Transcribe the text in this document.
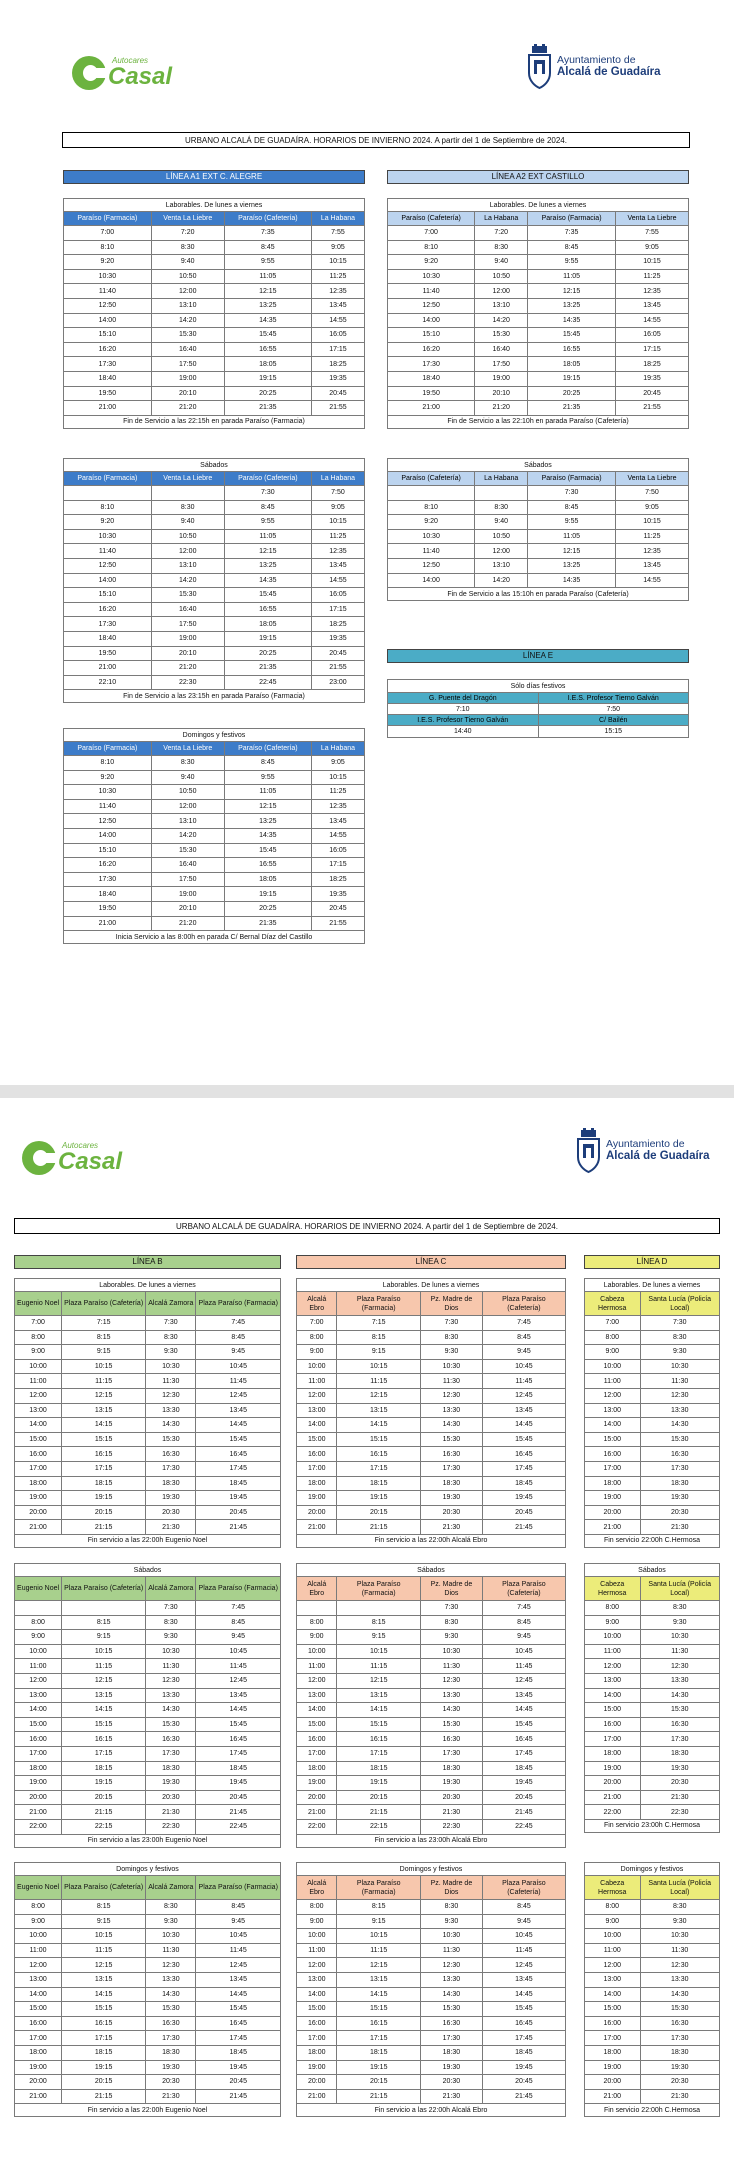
Autocares
Casal
Ayuntamiento de
Alcalá de Guadaíra
URBANO ALCALÁ DE GUADAÍRA. HORARIOS DE INVIERNO 2024. A partir del 1 de Septiembre de 2024.
LÍNEA A1 EXT C. ALEGRE	LÍNEA A2 EXT CASTILLO
Laborables. De lunes a viernes			
Paraíso (Farmacia)	Venta La Liebre	Paraíso (Cafetería)	La Habana
7:00	7:20	7:35	7:55
8:10	8:30	8:45	9:05
9:20	9:40	9:55	10:15
10:30	10:50	11:05	11:25
11:40	12:00	12:15	12:35
12:50	13:10	13:25	13:45
14:00	14:20	14:35	14:55
15:10	15:30	15:45	16:05
16:20	16:40	16:55	17:15
17:30	17:50	18:05	18:25
18:40	19:00	19:15	19:35
19:50	20:10	20:25	20:45
21:00	21:20	21:35	21:55
Fin de Servicio a las 22:15h en parada Paraíso (Farmacia)			
Laborables. De lunes a viernes			
Paraíso (Cafetería)	La Habana	Paraíso (Farmacia)	Venta La Liebre
7:00	7:20	7:35	7:55
8:10	8:30	8:45	9:05
9:20	9:40	9:55	10:15
10:30	10:50	11:05	11:25
11:40	12:00	12:15	12:35
12:50	13:10	13:25	13:45
14:00	14:20	14:35	14:55
15:10	15:30	15:45	16:05
16:20	16:40	16:55	17:15
17:30	17:50	18:05	18:25
18:40	19:00	19:15	19:35
19:50	20:10	20:25	20:45
21:00	21:20	21:35	21:55
Fin de Servicio a las 22:10h en parada Paraíso (Cafetería)			
Sábados			
Paraíso (Farmacia)	Venta La Liebre	Paraíso (Cafetería)	La Habana
		7:30	7:50
8:10	8:30	8:45	9:05
9:20	9:40	9:55	10:15
10:30	10:50	11:05	11:25
11:40	12:00	12:15	12:35
12:50	13:10	13:25	13:45
14:00	14:20	14:35	14:55
15:10	15:30	15:45	16:05
16:20	16:40	16:55	17:15
17:30	17:50	18:05	18:25
18:40	19:00	19:15	19:35
19:50	20:10	20:25	20:45
21:00	21:20	21:35	21:55
22:10	22:30	22:45	23:00
Fin de Servicio a las 23:15h en parada Paraíso (Farmacia)			
Sábados			
Paraíso (Cafetería)	La Habana	Paraíso (Farmacia)	Venta La Liebre
		7:30	7:50
8:10	8:30	8:45	9:05
9:20	9:40	9:55	10:15
10:30	10:50	11:05	11:25
11:40	12:00	12:15	12:35
12:50	13:10	13:25	13:45
14:00	14:20	14:35	14:55
Fin de Servicio a las 15:10h en parada Paraíso (Cafetería)			
Domingos y festivos			
Paraíso (Farmacia)	Venta La Liebre	Paraíso (Cafetería)	La Habana
8:10	8:30	8:45	9:05
9:20	9:40	9:55	10:15
10:30	10:50	11:05	11:25
11:40	12:00	12:15	12:35
12:50	13:10	13:25	13:45
14:00	14:20	14:35	14:55
15:10	15:30	15:45	16:05
16:20	16:40	16:55	17:15
17:30	17:50	18:05	18:25
18:40	19:00	19:15	19:35
19:50	20:10	20:25	20:45
21:00	21:20	21:35	21:55
Inicia Servicio a las 8:00h en parada C/ Bernal Díaz del Castillo			
LÍNEA E
Sólo días festivos	
G. Puente del Dragón	I.E.S. Profesor Tierno Galván
7:10	7:50
I.E.S. Profesor Tierno Galván	C/ Bailén
14:40	15:15
Autocares
Casal
Ayuntamiento de
Alcalá de Guadaíra
URBANO ALCALÁ DE GUADAÍRA. HORARIOS DE INVIERNO 2024. A partir del 1 de Septiembre de 2024.
LÍNEA B	LÍNEA C	LÍNEA D
Laborables. De lunes a viernes			
Eugenio Noel	Plaza Paraíso (Cafetería)	Alcalá Zamora	Plaza Paraíso (Farmacia)
7:00	7:15	7:30	7:45
8:00	8:15	8:30	8:45
9:00	9:15	9:30	9:45
10:00	10:15	10:30	10:45
11:00	11:15	11:30	11:45
12:00	12:15	12:30	12:45
13:00	13:15	13:30	13:45
14:00	14:15	14:30	14:45
15:00	15:15	15:30	15:45
16:00	16:15	16:30	16:45
17:00	17:15	17:30	17:45
18:00	18:15	18:30	18:45
19:00	19:15	19:30	19:45
20:00	20:15	20:30	20:45
21:00	21:15	21:30	21:45
Fin servicio a las 22:00h Eugenio Noel			
Laborables. De lunes a viernes			
Alcalá Ebro	Plaza Paraíso (Farmacia)	Pz. Madre de Dios	Plaza Paraíso (Cafetería)
7:00	7:15	7:30	7:45
8:00	8:15	8:30	8:45
9:00	9:15	9:30	9:45
10:00	10:15	10:30	10:45
11:00	11:15	11:30	11:45
12:00	12:15	12:30	12:45
13:00	13:15	13:30	13:45
14:00	14:15	14:30	14:45
15:00	15:15	15:30	15:45
16:00	16:15	16:30	16:45
17:00	17:15	17:30	17:45
18:00	18:15	18:30	18:45
19:00	19:15	19:30	19:45
20:00	20:15	20:30	20:45
21:00	21:15	21:30	21:45
Fin servicio a las 22:00h Alcalá Ebro			
Laborables. De lunes a viernes	
Cabeza Hermosa	Santa Lucía (Policía Local)
7:00	7:30
8:00	8:30
9:00	9:30
10:00	10:30
11:00	11:30
12:00	12:30
13:00	13:30
14:00	14:30
15:00	15:30
16:00	16:30
17:00	17:30
18:00	18:30
19:00	19:30
20:00	20:30
21:00	21:30
Fin servicio 22:00h C.Hermosa	
Sábados			
Eugenio Noel	Plaza Paraíso (Cafetería)	Alcalá Zamora	Plaza Paraíso (Farmacia)
		7:30	7:45
8:00	8:15	8:30	8:45
9:00	9:15	9:30	9:45
10:00	10:15	10:30	10:45
11:00	11:15	11:30	11:45
12:00	12:15	12:30	12:45
13:00	13:15	13:30	13:45
14:00	14:15	14:30	14:45
15:00	15:15	15:30	15:45
16:00	16:15	16:30	16:45
17:00	17:15	17:30	17:45
18:00	18:15	18:30	18:45
19:00	19:15	19:30	19:45
20:00	20:15	20:30	20:45
21:00	21:15	21:30	21:45
22:00	22:15	22:30	22:45
Fin servicio a las 23:00h Eugenio Noel			
Sábados			
Alcalá Ebro	Plaza Paraíso (Farmacia)	Pz. Madre de Dios	Plaza Paraíso (Cafetería)
		7:30	7:45
8:00	8:15	8:30	8:45
9:00	9:15	9:30	9:45
10:00	10:15	10:30	10:45
11:00	11:15	11:30	11:45
12:00	12:15	12:30	12:45
13:00	13:15	13:30	13:45
14:00	14:15	14:30	14:45
15:00	15:15	15:30	15:45
16:00	16:15	16:30	16:45
17:00	17:15	17:30	17:45
18:00	18:15	18:30	18:45
19:00	19:15	19:30	19:45
20:00	20:15	20:30	20:45
21:00	21:15	21:30	21:45
22:00	22:15	22:30	22:45
Fin servicio a las 23:00h Alcalá Ebro			
Sábados	
Cabeza Hermosa	Santa Lucía (Policía Local)
8:00	8:30
9:00	9:30
10:00	10:30
11:00	11:30
12:00	12:30
13:00	13:30
14:00	14:30
15:00	15:30
16:00	16:30
17:00	17:30
18:00	18:30
19:00	19:30
20:00	20:30
21:00	21:30
22:00	22:30
Fin servicio 23:00h C.Hermosa	
Domingos y festivos			
Eugenio Noel	Plaza Paraíso (Cafetería)	Alcalá Zamora	Plaza Paraíso (Farmacia)
8:00	8:15	8:30	8:45
9:00	9:15	9:30	9:45
10:00	10:15	10:30	10:45
11:00	11:15	11:30	11:45
12:00	12:15	12:30	12:45
13:00	13:15	13:30	13:45
14:00	14:15	14:30	14:45
15:00	15:15	15:30	15:45
16:00	16:15	16:30	16:45
17:00	17:15	17:30	17:45
18:00	18:15	18:30	18:45
19:00	19:15	19:30	19:45
20:00	20:15	20:30	20:45
21:00	21:15	21:30	21:45
Fin servicio a las 22:00h Eugenio Noel			
Domingos y festivos			
Alcalá Ebro	Plaza Paraíso (Farmacia)	Pz. Madre de Dios	Plaza Paraíso (Cafetería)
8:00	8:15	8:30	8:45
9:00	9:15	9:30	9:45
10:00	10:15	10:30	10:45
11:00	11:15	11:30	11:45
12:00	12:15	12:30	12:45
13:00	13:15	13:30	13:45
14:00	14:15	14:30	14:45
15:00	15:15	15:30	15:45
16:00	16:15	16:30	16:45
17:00	17:15	17:30	17:45
18:00	18:15	18:30	18:45
19:00	19:15	19:30	19:45
20:00	20:15	20:30	20:45
21:00	21:15	21:30	21:45
Fin servicio a las 22:00h Alcalá Ebro			
Domingos y festivos	
Cabeza Hermosa	Santa Lucía (Policía Local)
8:00	8:30
9:00	9:30
10:00	10:30
11:00	11:30
12:00	12:30
13:00	13:30
14:00	14:30
15:00	15:30
16:00	16:30
17:00	17:30
18:00	18:30
19:00	19:30
20:00	20:30
21:00	21:30
Fin servicio 22:00h C.Hermosa	
